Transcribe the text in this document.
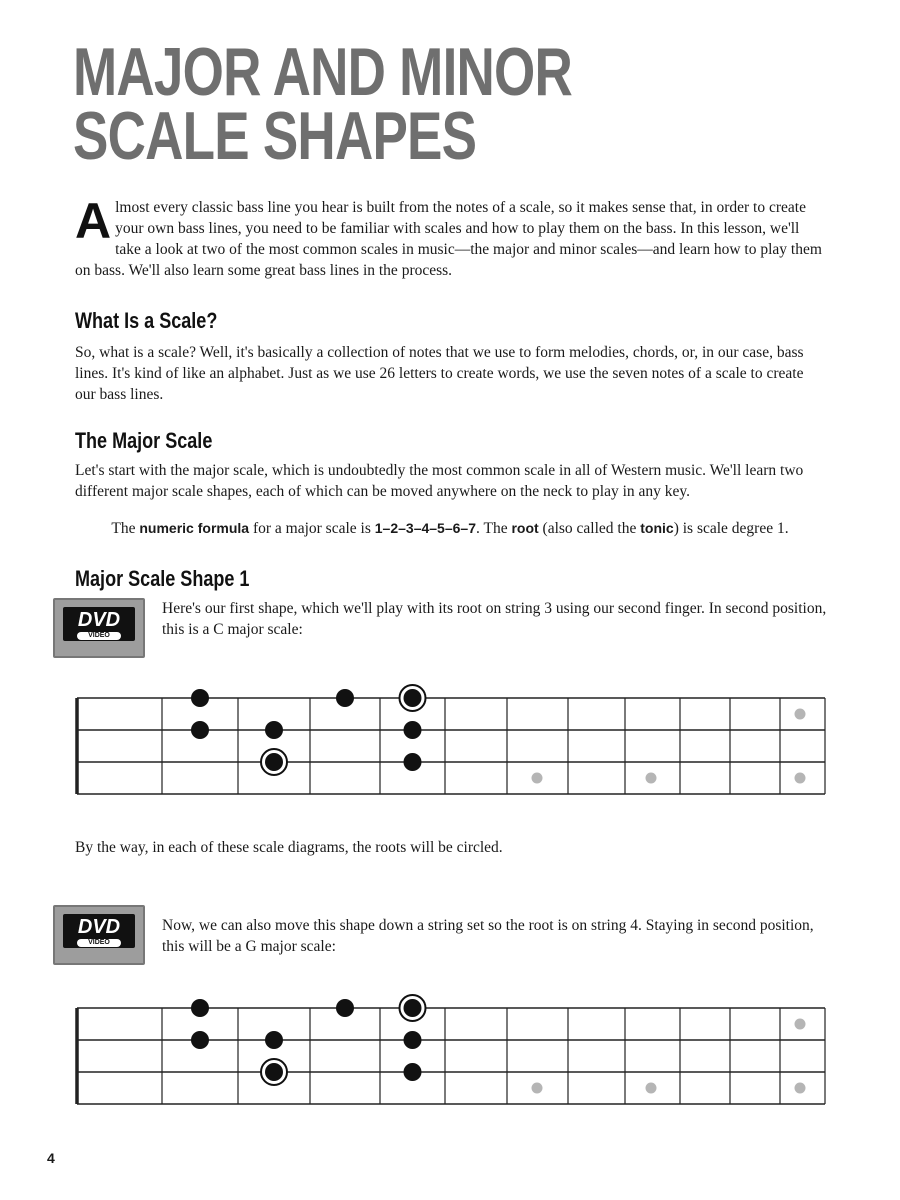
MAJOR AND MINOR
SCALE SHAPES

Almost every classic bass line you hear is built from the notes of a scale, so it makes sense that, in order to create your own bass lines, you need to be familiar with scales and how to play them on the bass. In this lesson, we'll take a look at two of the most common scales in music—the major and minor scales—and learn how to play them on bass. We'll also learn some great bass lines in the process.

What Is a Scale?

So, what is a scale? Well, it's basically a collection of notes that we use to form melodies, chords, or, in our case, bass lines. It's kind of like an alphabet. Just as we use 26 letters to create words, we use the seven notes of a scale to create our bass lines.

The Major Scale

Let's start with the major scale, which is undoubtedly the most common scale in all of Western music. We'll learn two different major scale shapes, each of which can be moved anywhere on the neck to play in any key.

The numeric formula for a major scale is 1–2–3–4–5–6–7. The root (also called the tonic) is scale degree 1.

Major Scale Shape 1
DVD
VIDEO

Here's our first shape, which we'll play with its root on string 3 using our second finger. In second position, this is a C major scale:

By the way, in each of these scale diagrams, the roots will be circled.

DVD
VIDEO

Now, we can also move this shape down a string set so the root is on string 4. Staying in second position, this will be a G major scale:

4
